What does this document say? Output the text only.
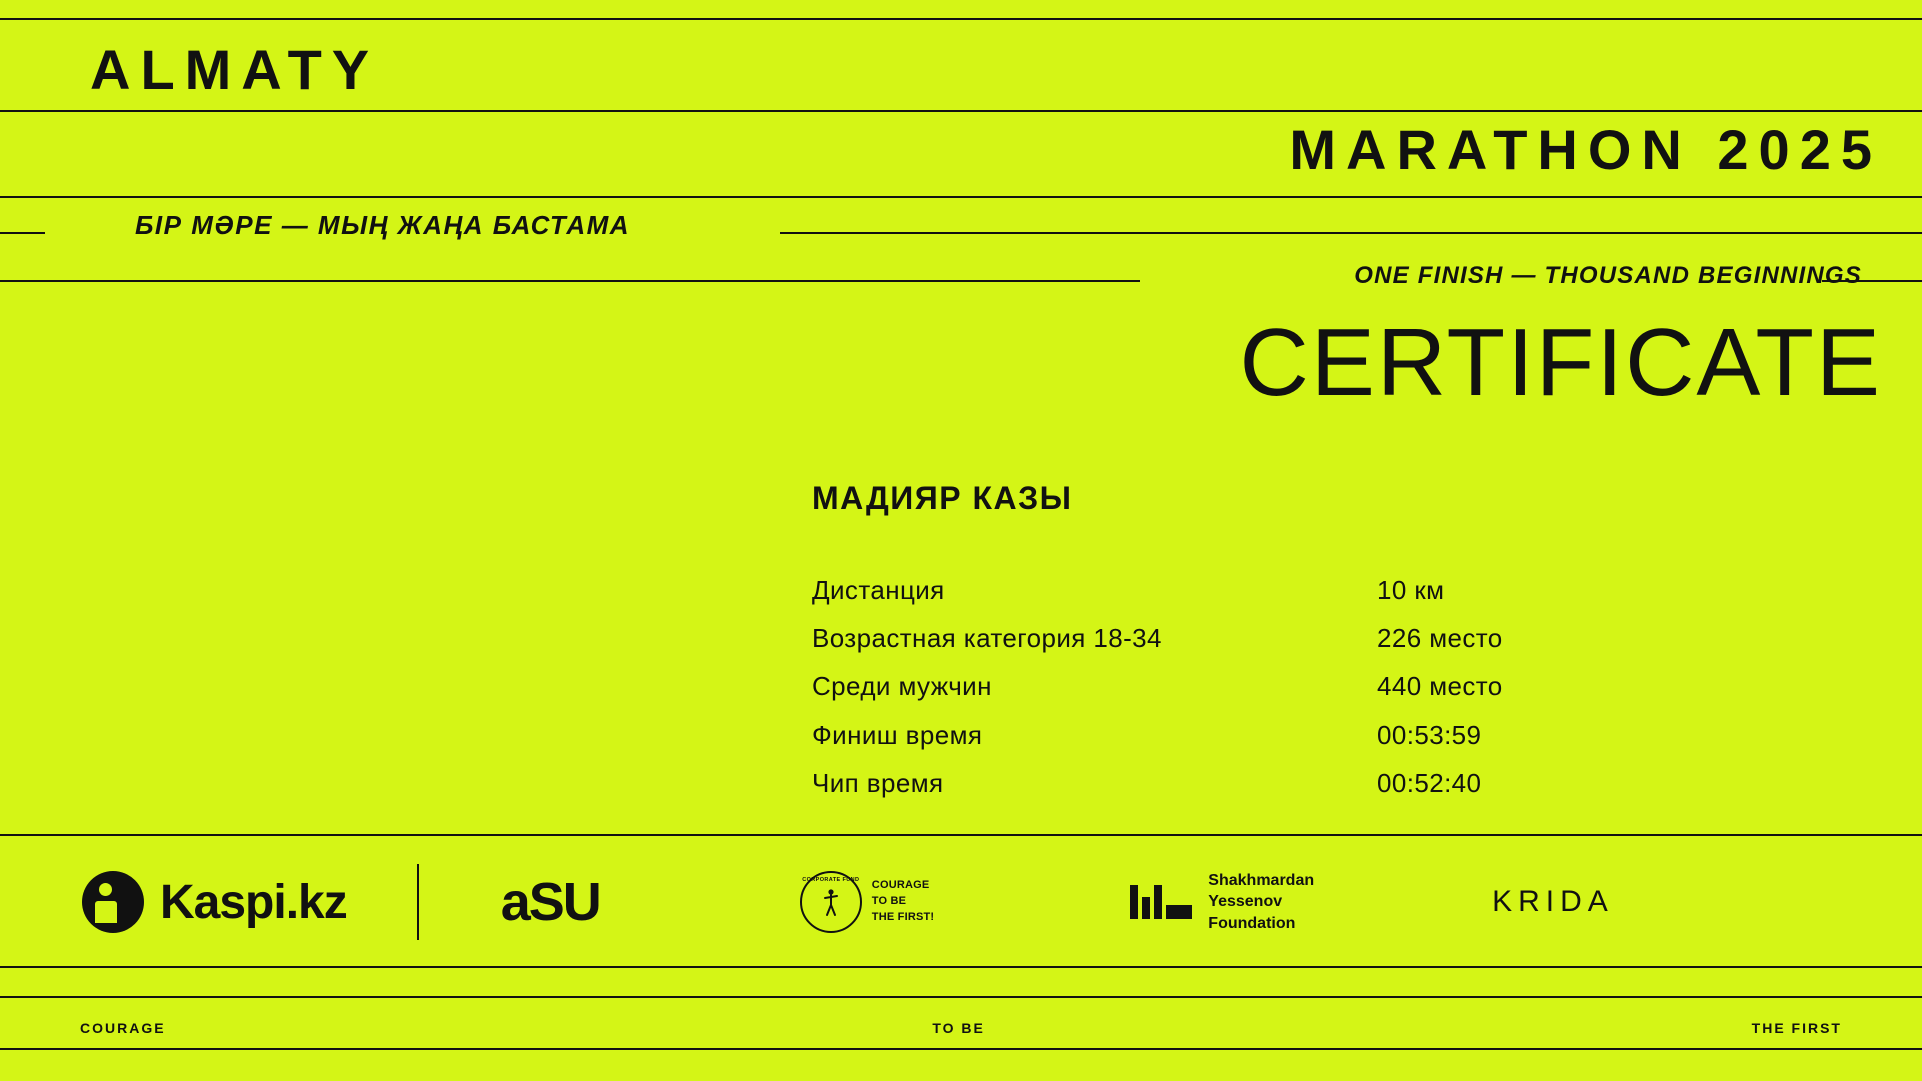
ALMATY
MARATHON 2025
БІР МӘРЕ — МЫҢ ЖАҢА БАСТАМА
ONE FINISH — THOUSAND BEGINNINGS
CERTIFICATE
МАДИЯР КАЗЫ
Дистанция	10 км
Возрастная категория 18-34	226 место
Среди мужчин	440 место
Финиш время	00:53:59
Чип время	00:52:40
Kaspi.kz	aSU	CORPORATE FUND COURAGE
TO BE
THE FIRST!
Shakhmardan
Yessenov
Foundation
KRIDA
COURAGE	TO BE	THE FIRST
